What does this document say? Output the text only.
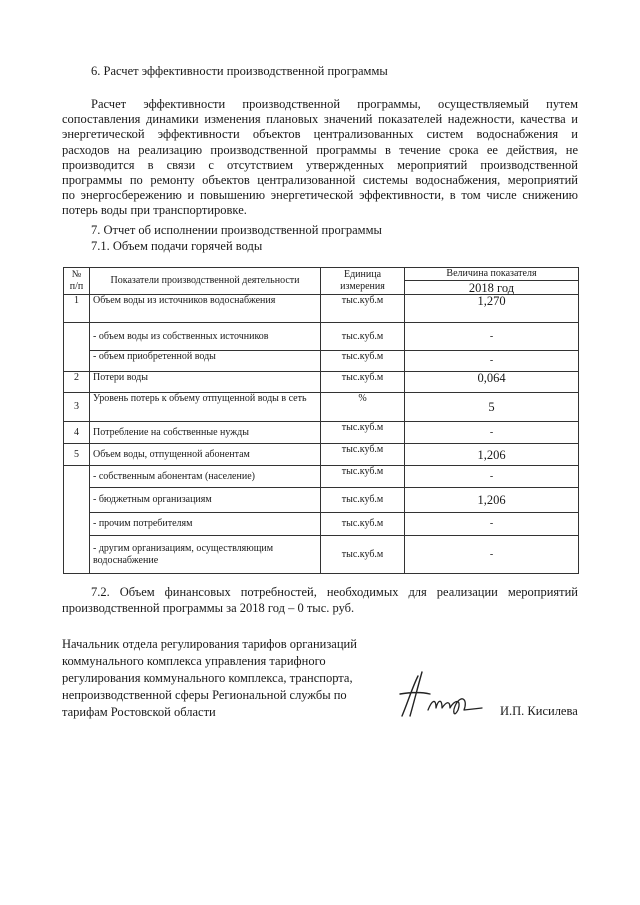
6. Расчет эффективности производственной программы
Расчет эффективности производственной программы, осуществляемый путем
сопоставления динамики изменения плановых значений показателей надежности, качества и
энергетической эффективности объектов централизованных систем водоснабжения и
расходов на реализацию производственной программы в течение срока ее действия, не
производится в связи с отсутствием утвержденных мероприятий производственной
программы по ремонту объектов централизованной системы водоснабжения, мероприятий
по энергосбережению и повышению энергетической эффективности, в том числе снижению
потерь воды при транспортировке.
7. Отчет об исполнении производственной программы
7.1. Объем подачи горячей воды
№ п/п	Показатели производственной деятельности	Единица измерения	Величина показателя
			2018 год
1	Объем воды из источников водоснабжения	тыс.куб.м	1,270
	- объем воды из собственных источников	тыс.куб.м	-
	- объем приобретенной воды	тыс.куб.м	-
2	Потери воды	тыс.куб.м	0,064
3	Уровень потерь к объему отпущенной воды в сеть	%	5
4	Потребление на собственные нужды	тыс.куб.м	-
5	Объем воды, отпущенной абонентам	тыс.куб.м	1,206
	- собственным абонентам (население)	тыс.куб.м	-
	- бюджетным организациям	тыс.куб.м	1,206
	- прочим потребителям	тыс.куб.м	-
	- другим организациям, осуществляющим водоснабжение	тыс.куб.м	-
7.2. Объем финансовых потребностей, необходимых для реализации мероприятий
производственной программы за 2018 год – 0 тыс. руб.
Начальник отдела регулирования тарифов организаций
коммунального комплекса управления тарифного
регулирования коммунального комплекса, транспорта,
непроизводственной сферы Региональной службы по
тарифам Ростовской области	И.П. Кисилева
